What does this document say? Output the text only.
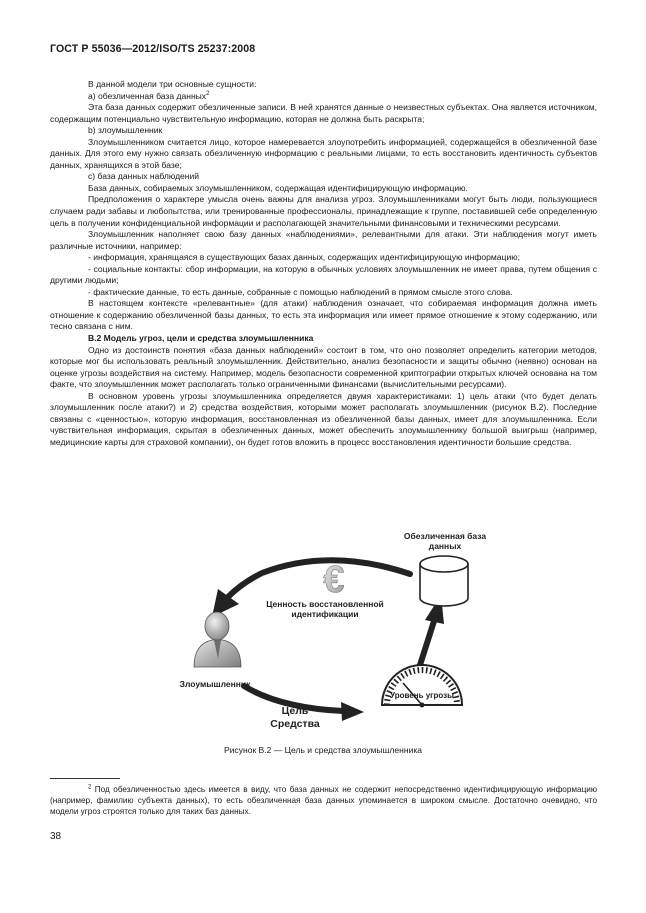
ГОСТ Р 55036—2012/ISO/TS 25237:2008

В данной модели три основные сущности:

а) обезличенная база данных$^2$

Эта база данных содержит обезличенные записи. В ней хранятся данные о неизвестных субъектах. Она является источником, содержащим потенциально чувствительную информацию, которая не должна быть раскрыта;

b) злоумышленник

Злоумышленником считается лицо, которое намеревается злоупотребить информацией, содержащейся в обезличенной базе данных. Для этого ему нужно связать обезличенную информацию с реальными лицами, то есть восстановить идентичность субъектов данных, хранящихся в этой базе;

с) база данных наблюдений

База данных, собираемых злоумышленником, содержащая идентифицирующую информацию.

Предположения о характере умысла очень важны для анализа угроз. Злоумышленниками могут быть люди, пользующиеся случаем ради забавы и любопытства, или тренированные профессионалы, принадлежащие к группе, поставившей себе определенную цель в получении конфиденциальной информации и располагающей значительными финансовыми и техническими ресурсами.

Злоумышленник наполняет свою базу данных «наблюдениями», релевантными для атаки. Эти наблюдения могут иметь различные источники, например:

- информация, хранящаяся в существующих базах данных, содержащих идентифицирующую информацию;

- социальные контакты: сбор информации, на которую в обычных условиях злоумышленник не имеет права, путем общения с другими людьми;

- фактические данные, то есть данные, собранные с помощью наблюдений в прямом смысле этого слова.

В настоящем контексте «релевантные» (для атаки) наблюдения означает, что собираемая информация должна иметь отношение к содержанию обезличенной базы данных, то есть эта информация или имеет прямое отношение к этому содержанию, или тесно связана с ним.

В.2 Модель угроз, цели и средства злоумышленника

Одно из достоинств понятия «база данных наблюдений» состоит в том, что оно позволяет определить категории методов, которые мог бы использовать реальный злоумышленник. Действительно, анализ безопасности и защиты обычно (неявно) основан на оценке угрозы воздействия на систему. Например, модель безопасности современной криптографии открытых ключей основана на том факте, что злоумышленник может располагать только ограниченными финансами (вычислительными ресурсами).

В основном уровень угрозы злоумышленника определяется двумя характеристиками: 1) цель атаки (что будет делать злоумышленник после атаки?) и 2) средства воздействия, которыми может располагать злоумышленник (рисунок В.2). Последние связаны с «ценностью», которую информация, восстановленная из обезличенной базы данных, имеет для злоумышленника. Если чувствительная информация, скрытая в обезличенных данных, может обеспечить злоумышленнику большой выигрыш (например, медицинские карты для страховой компании), он будет готов вложить в процесс восстановления идентичности большие средства.

€
Обезличенная база данных
Ценность восстановленной идентификации
Злоумышленник
Цель
Средства
Уровень угрозы
Рисунок В.2 — Цель и средства злоумышленника

$^2$ Под обезличенностью здесь имеется в виду, что база данных не содержит непосредственно идентифицирующую информацию (например, фамилию субъекта данных), то есть обезличенная база данных упоминается в широком смысле. Достаточно очевидно, что модели угроз строятся только для таких баз данных.

38
